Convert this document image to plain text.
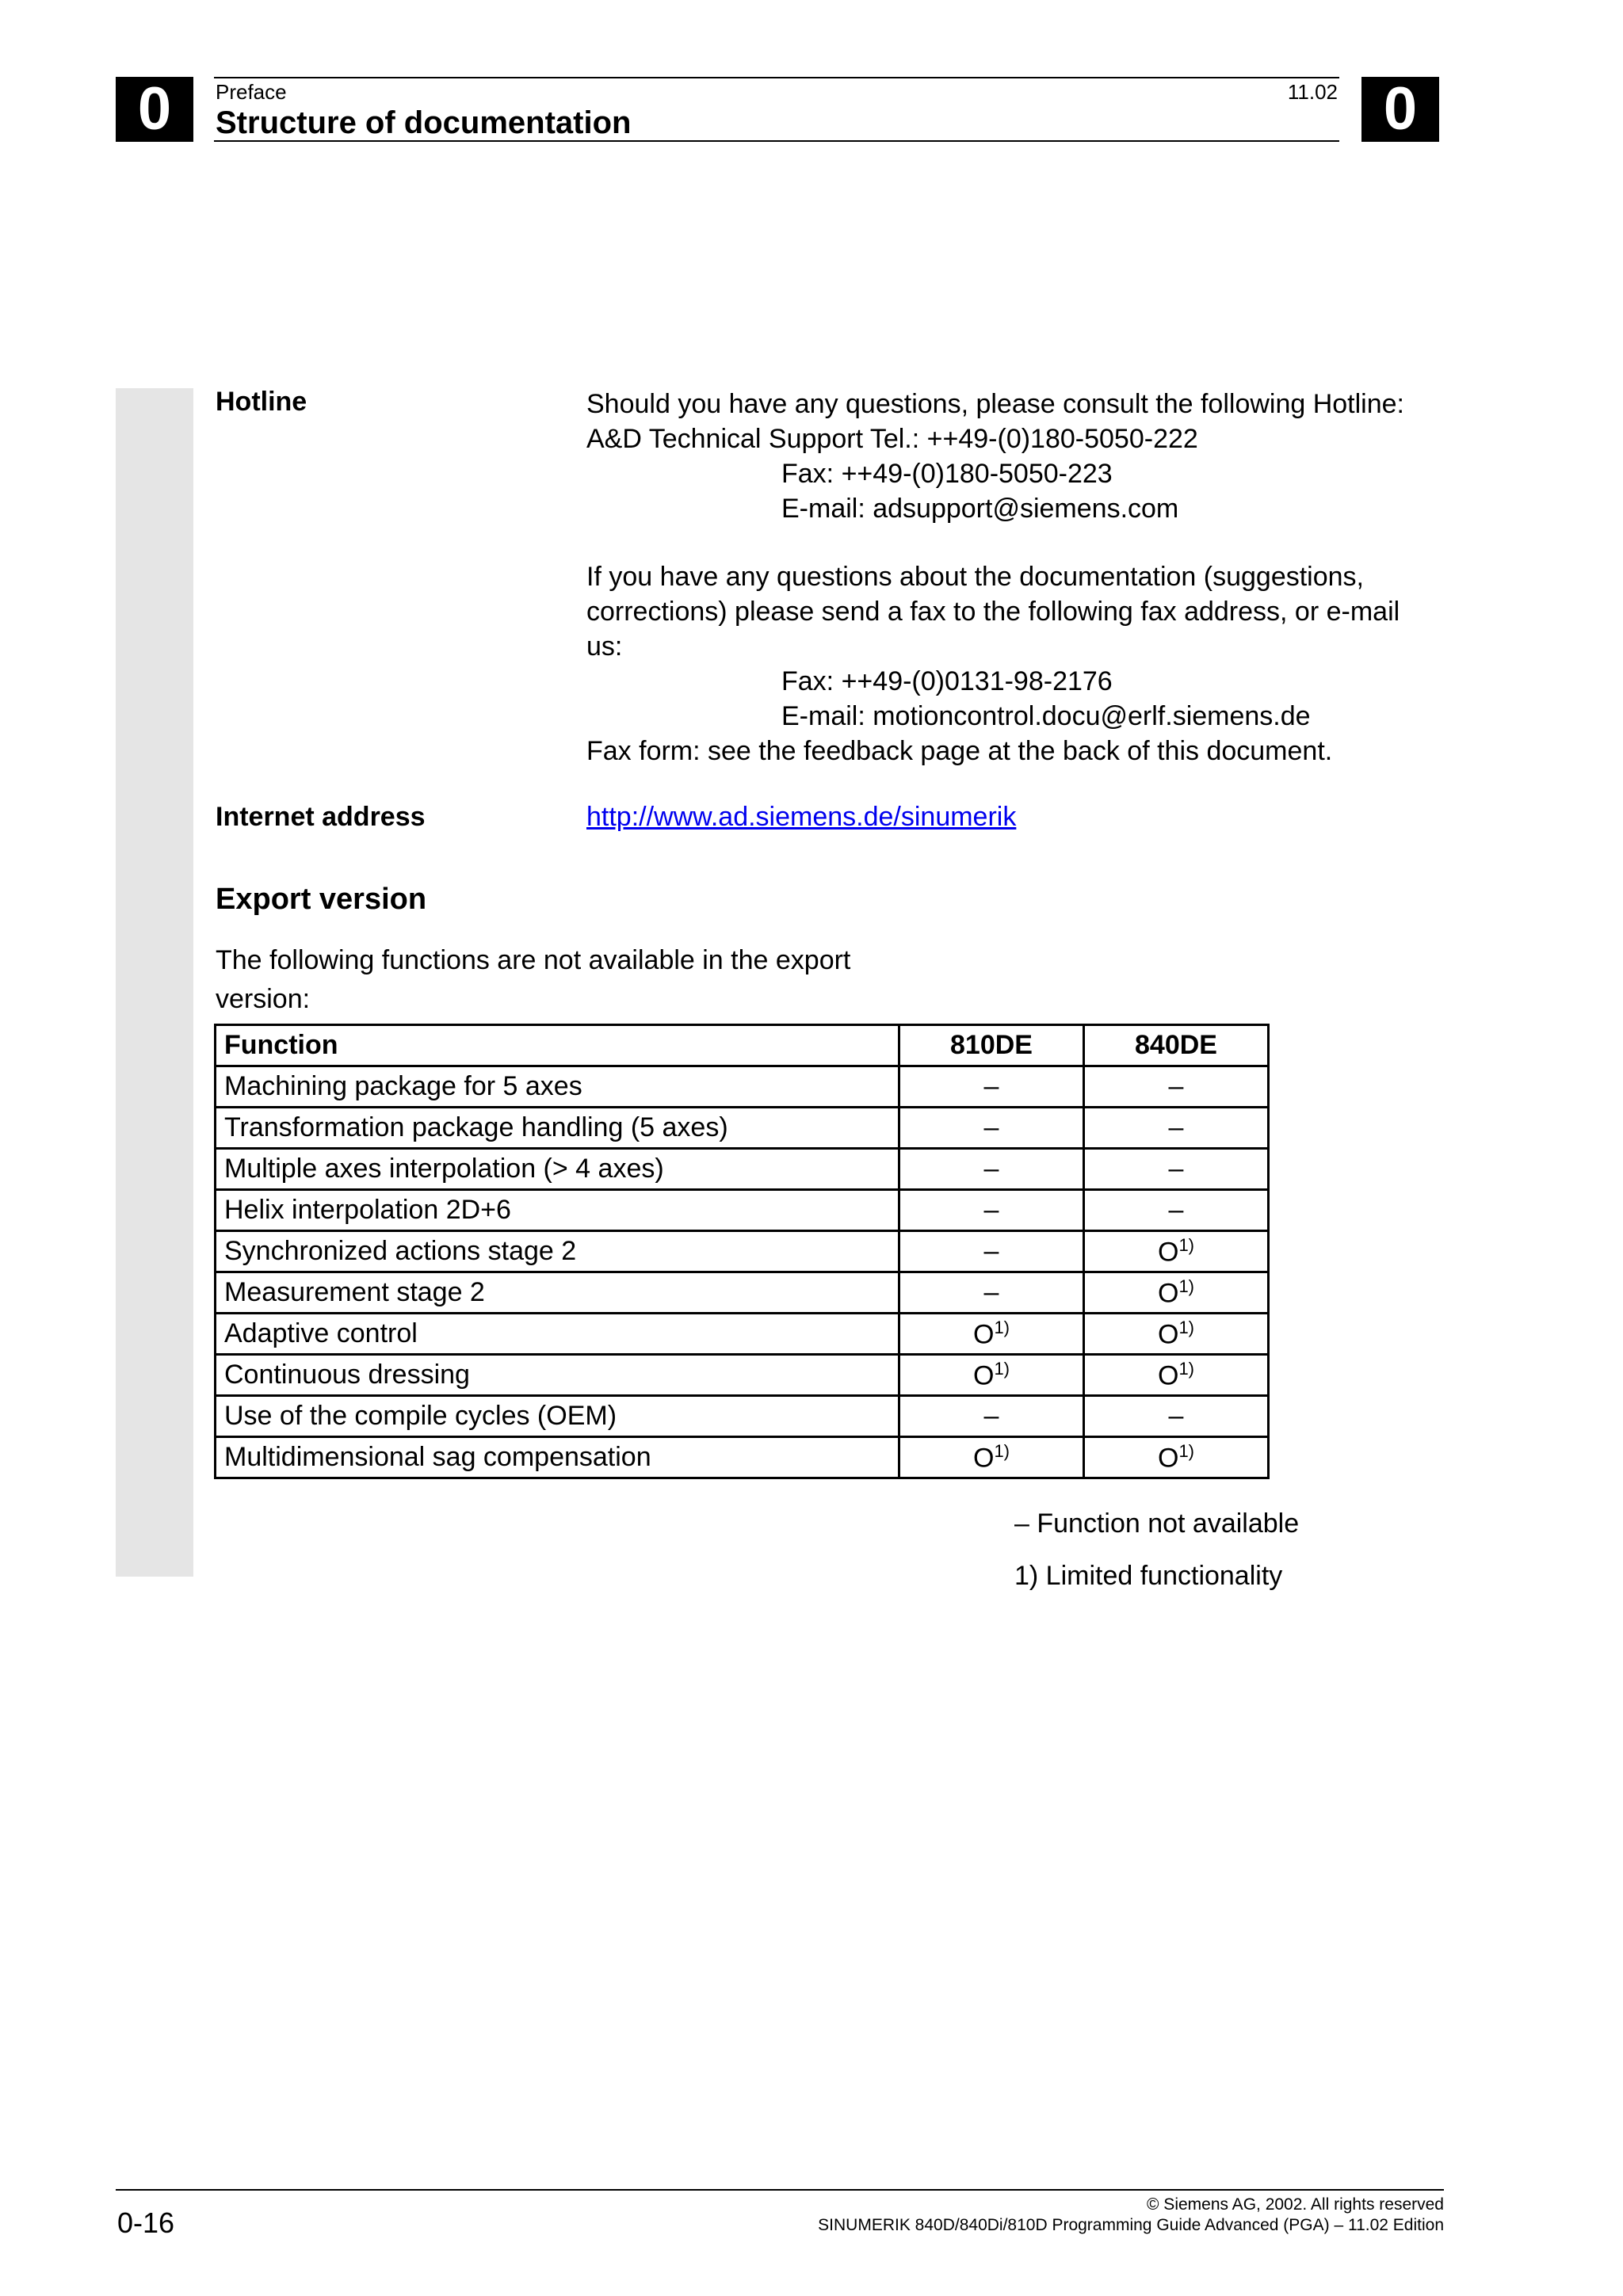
0	0
Preface	11.02
Structure of documentation
Hotline	Should you have any questions, please consult the following Hotline:
A&D Technical Support Tel.: ++49-(0)180-5050-222
Fax: ++49-(0)180-5050-223
E-mail: adsupport@siemens.com
If you have any questions about the documentation (suggestions,
corrections) please send a fax to the following fax address, or e-mail
us:
Fax: ++49-(0)0131-98-2176
E-mail: motioncontrol.docu@erlf.siemens.de
Fax form: see the feedback page at the back of this document.
Internet address	http://www.ad.siemens.de/sinumerik
Export version
The following functions are not available in the export version:
Function	810DE	840DE
Machining package for 5 axes	–	–
Transformation package handling (5 axes)	–	–
Multiple axes interpolation (> 4 axes)	–	–
Helix interpolation 2D+6	–	–
Synchronized actions stage 2	–	$O^{1)}$
Measurement stage 2	–	$O^{1)}$
Adaptive control	$O^{1)}$	$O^{1)}$
Continuous dressing	$O^{1)}$	$O^{1)}$
Use of the compile cycles (OEM)	–	–
Multidimensional sag compensation	$O^{1)}$	$O^{1)}$
– Function not available
1) Limited functionality
0-16
© Siemens AG, 2002. All rights reserved
SINUMERIK 840D/840Di/810D Programming Guide Advanced (PGA) – 11.02 Edition
